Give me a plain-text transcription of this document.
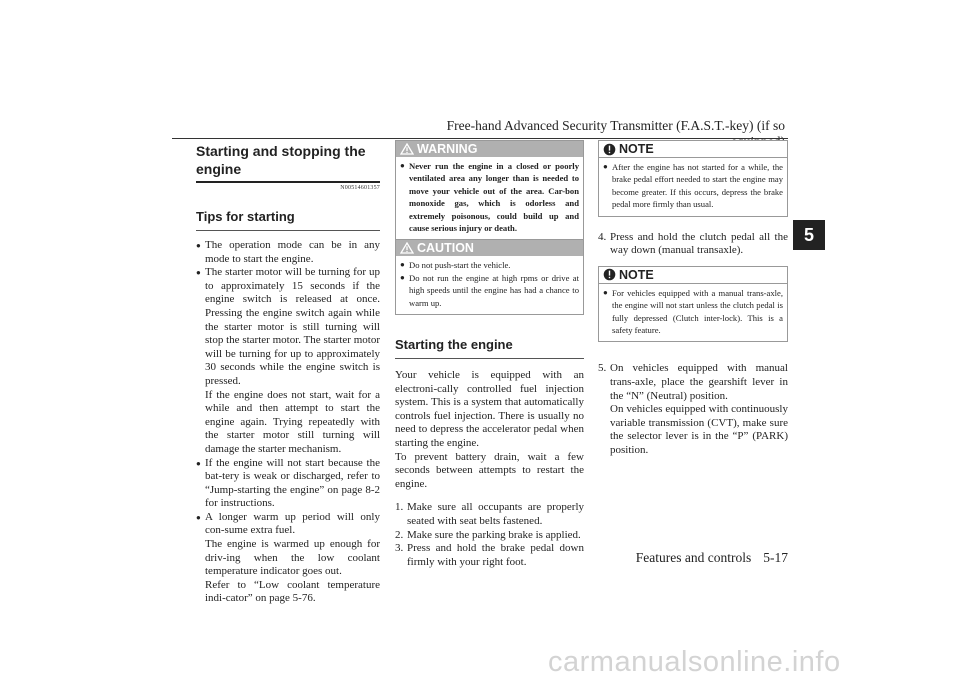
Free-hand Advanced Security Transmitter (F.A.S.T.-key) (if so
5
Starting and stopping the engine
N00514601357
Tips for starting

● The operation mode can be in any mode to start the engine.

● The starter motor will be turning for up to approximately 15 seconds if the engine switch is released at once. Pressing the engine switch again while the starter motor is still turning will stop the starter motor. The starter motor will be turning for up to approximately 30 seconds while the engine switch is pressed.

If the engine does not start, wait for a while and then attempt to start the engine again. Trying repeatedly with the starter motor still turning will damage the starter mechanism.

● If the engine will not start because the bat-tery is weak or discharged, refer to “Jump-starting the engine” on page 8-2 for instructions.

● A longer warm up period will only con-sume extra fuel.

The engine is warmed up enough for driv-ing when the low coolant temperature indicator goes out.

Refer to “Low coolant temperature indi-cator” on page 5-76.

WARNING
● Never run the engine in a closed or poorly ventilated area any longer than is needed to move your vehicle out of the area. Car-bon monoxide gas, which is odorless and extremely poisonous, could build up and cause serious injury or death.
CAUTION
● Do not push-start the vehicle.
● Do not run the engine at high rpms or drive at high speeds until the engine has had a chance to warm up.
Starting the engine

Your vehicle is equipped with an electroni-cally controlled fuel injection system. This is a system that automatically controls fuel injection. There is usually no need to depress the accelerator pedal when starting the engine.

To prevent battery drain, wait a few seconds between attempts to restart the engine.

1. Make sure all occupants are properly seated with seat belts fastened.
2. Make sure the parking brake is applied.
3. Press and hold the brake pedal down firmly with your right foot.
NOTE
● After the engine has not started for a while, the brake pedal effort needed to start the engine may become greater. If this occurs, depress the brake pedal more firmly than usual.
4. Press and hold the clutch pedal all the way down (manual transaxle).
NOTE
● For vehicles equipped with a manual trans-axle, the engine will not start unless the clutch pedal is fully depressed (Clutch inter-lock). This is a safety feature.
5. On vehicles equipped with manual trans-axle, place the gearshift lever in the “N” (Neutral) position.

On vehicles equipped with continuously variable transmission (CVT), make sure the selector lever is in the “P” (PARK) position.

Features and controls 5-17
carmanualsonline.info
